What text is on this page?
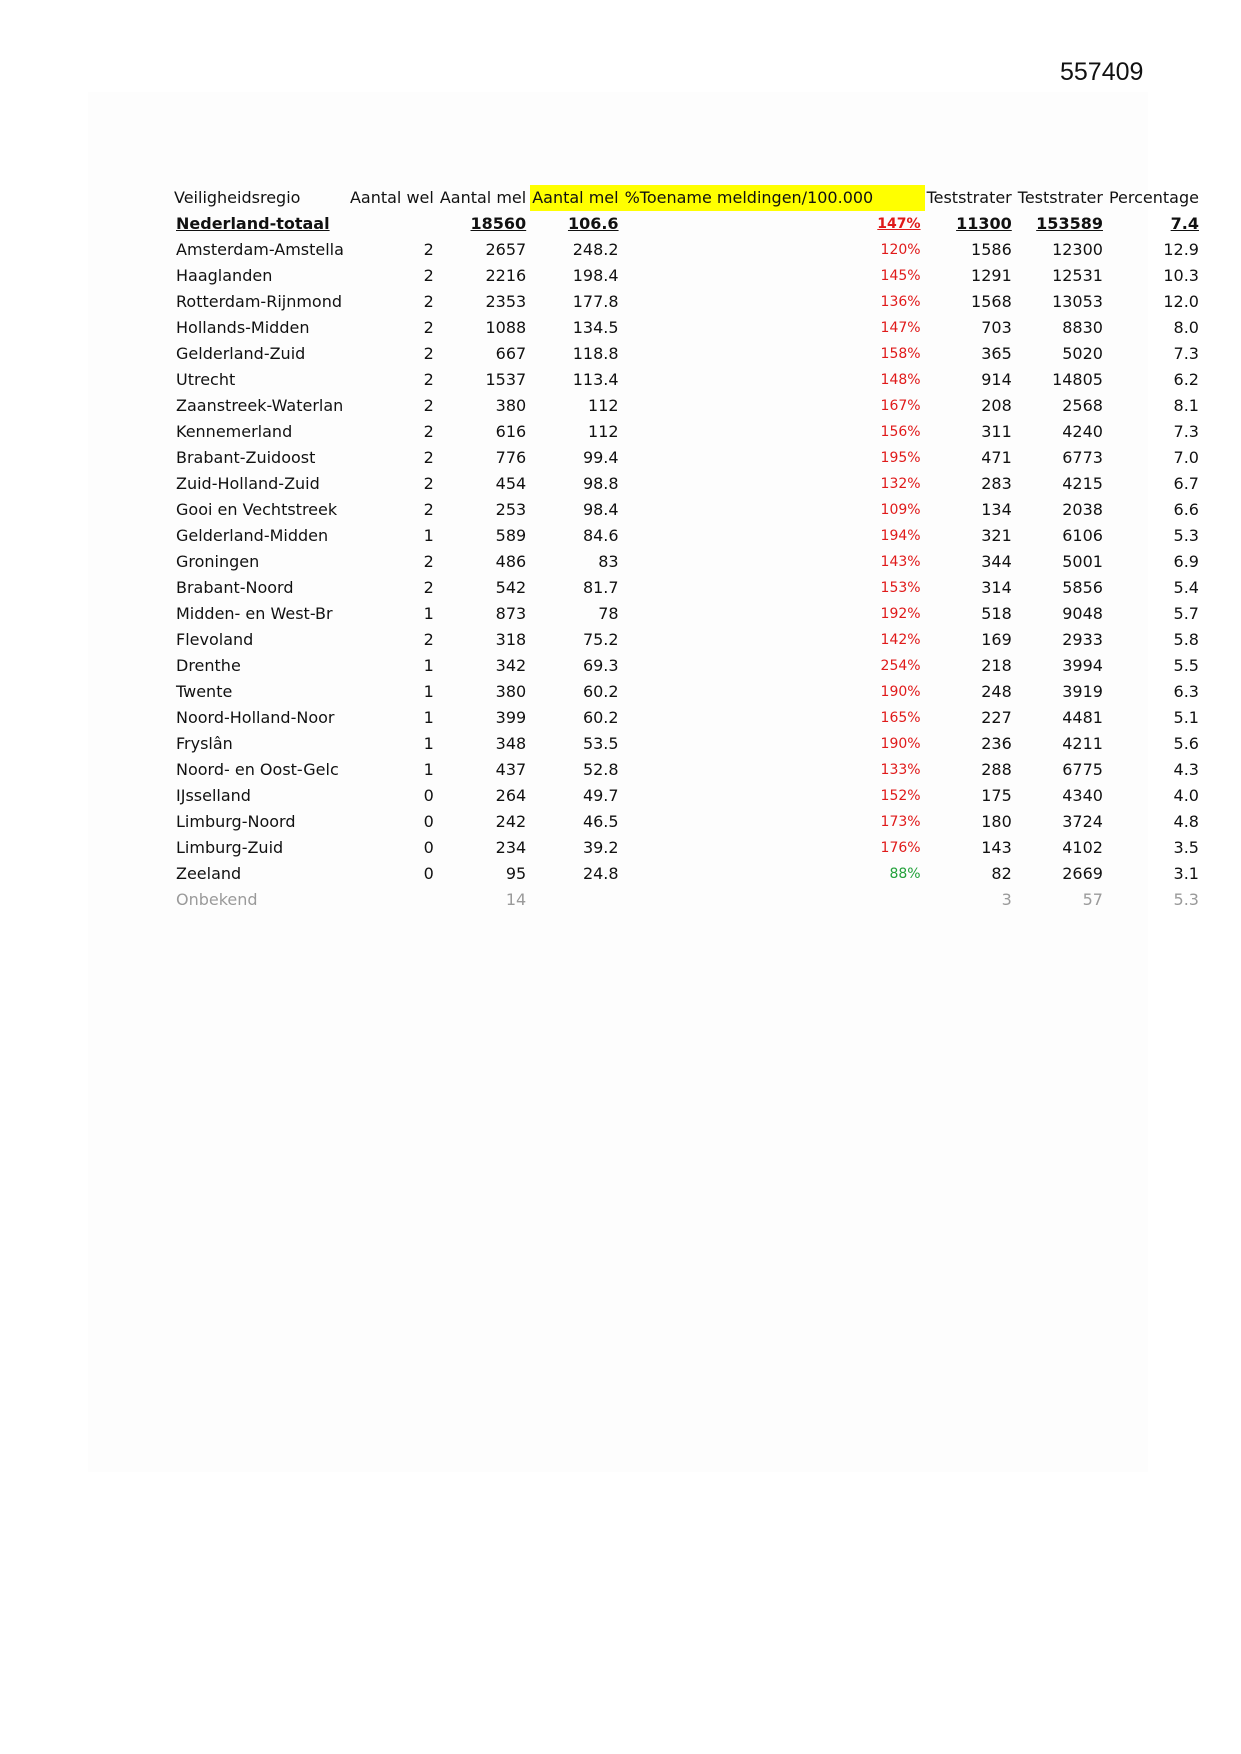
557409
Veiligheidsregio	Aantal wel	Aantal mel	Aantal mel	%Toename meldingen/100.000	Teststrater	Teststrater	Percentage
Nederland-totaal		18560	106.6	147%	11300	153589	7.4
Amsterdam-Amstella	2	2657	248.2	120%	1586	12300	12.9
Haaglanden	2	2216	198.4	145%	1291	12531	10.3
Rotterdam-Rijnmond	2	2353	177.8	136%	1568	13053	12.0
Hollands-Midden	2	1088	134.5	147%	703	8830	8.0
Gelderland-Zuid	2	667	118.8	158%	365	5020	7.3
Utrecht	2	1537	113.4	148%	914	14805	6.2
Zaanstreek-Waterlan	2	380	112	167%	208	2568	8.1
Kennemerland	2	616	112	156%	311	4240	7.3
Brabant-Zuidoost	2	776	99.4	195%	471	6773	7.0
Zuid-Holland-Zuid	2	454	98.8	132%	283	4215	6.7
Gooi en Vechtstreek	2	253	98.4	109%	134	2038	6.6
Gelderland-Midden	1	589	84.6	194%	321	6106	5.3
Groningen	2	486	83	143%	344	5001	6.9
Brabant-Noord	2	542	81.7	153%	314	5856	5.4
Midden- en West-Br	1	873	78	192%	518	9048	5.7
Flevoland	2	318	75.2	142%	169	2933	5.8
Drenthe	1	342	69.3	254%	218	3994	5.5
Twente	1	380	60.2	190%	248	3919	6.3
Noord-Holland-Noor	1	399	60.2	165%	227	4481	5.1
Fryslân	1	348	53.5	190%	236	4211	5.6
Noord- en Oost-Gelc	1	437	52.8	133%	288	6775	4.3
IJsselland	0	264	49.7	152%	175	4340	4.0
Limburg-Noord	0	242	46.5	173%	180	3724	4.8
Limburg-Zuid	0	234	39.2	176%	143	4102	3.5
Zeeland	0	95	24.8	88%	82	2669	3.1
Onbekend		14			3	57	5.3
